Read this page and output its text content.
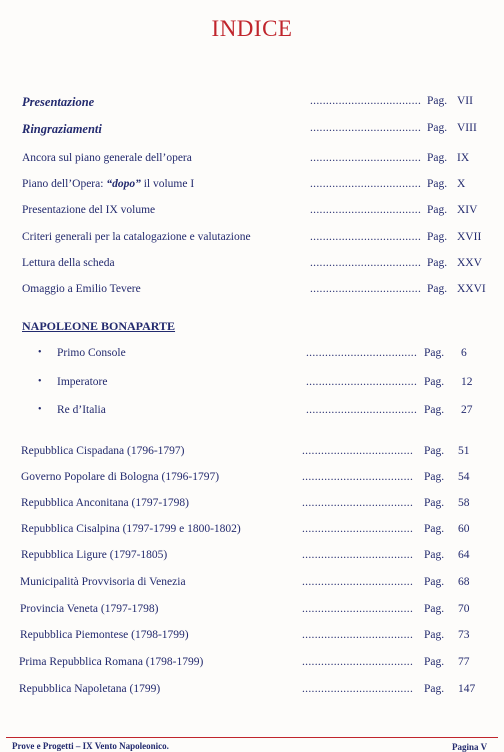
INDICE
Presentazione	................................... Pag. VII
Ringraziamenti	................................... Pag. VIII
Ancora sul piano generale dell’opera	................................... Pag. IX
Piano dell’Opera: “dopo” il volume I	................................... Pag. X
Presentazione del IX volume	................................... Pag. XIV
Criteri generali per la catalogazione e valutazione	................................... Pag. XVII
Lettura della scheda	................................... Pag. XXV
Omaggio a Emilio Tevere	................................... Pag. XXVI
NAPOLEONE BONAPARTE
• Primo Console	................................... Pag. 6
• Imperatore	................................... Pag. 12
• Re d’Italia	................................... Pag. 27
Repubblica Cispadana (1796-1797)	................................... Pag. 51
Governo Popolare di Bologna (1796-1797)	................................... Pag. 54
Repubblica Anconitana (1797-1798)	................................... Pag. 58
Repubblica Cisalpina (1797-1799 e 1800-1802)	................................... Pag. 60
Repubblica Ligure (1797-1805)	................................... Pag. 64
Municipalità Provvisoria di Venezia	................................... Pag. 68
Provincia Veneta (1797-1798)	................................... Pag. 70
Repubblica Piemontese (1798-1799)	................................... Pag. 73
Prima Repubblica Romana (1798-1799)	................................... Pag. 77
Repubblica Napoletana (1799)	................................... Pag. 147
Prove e Progetti – IX Vento Napoleonico.	Pagina V
